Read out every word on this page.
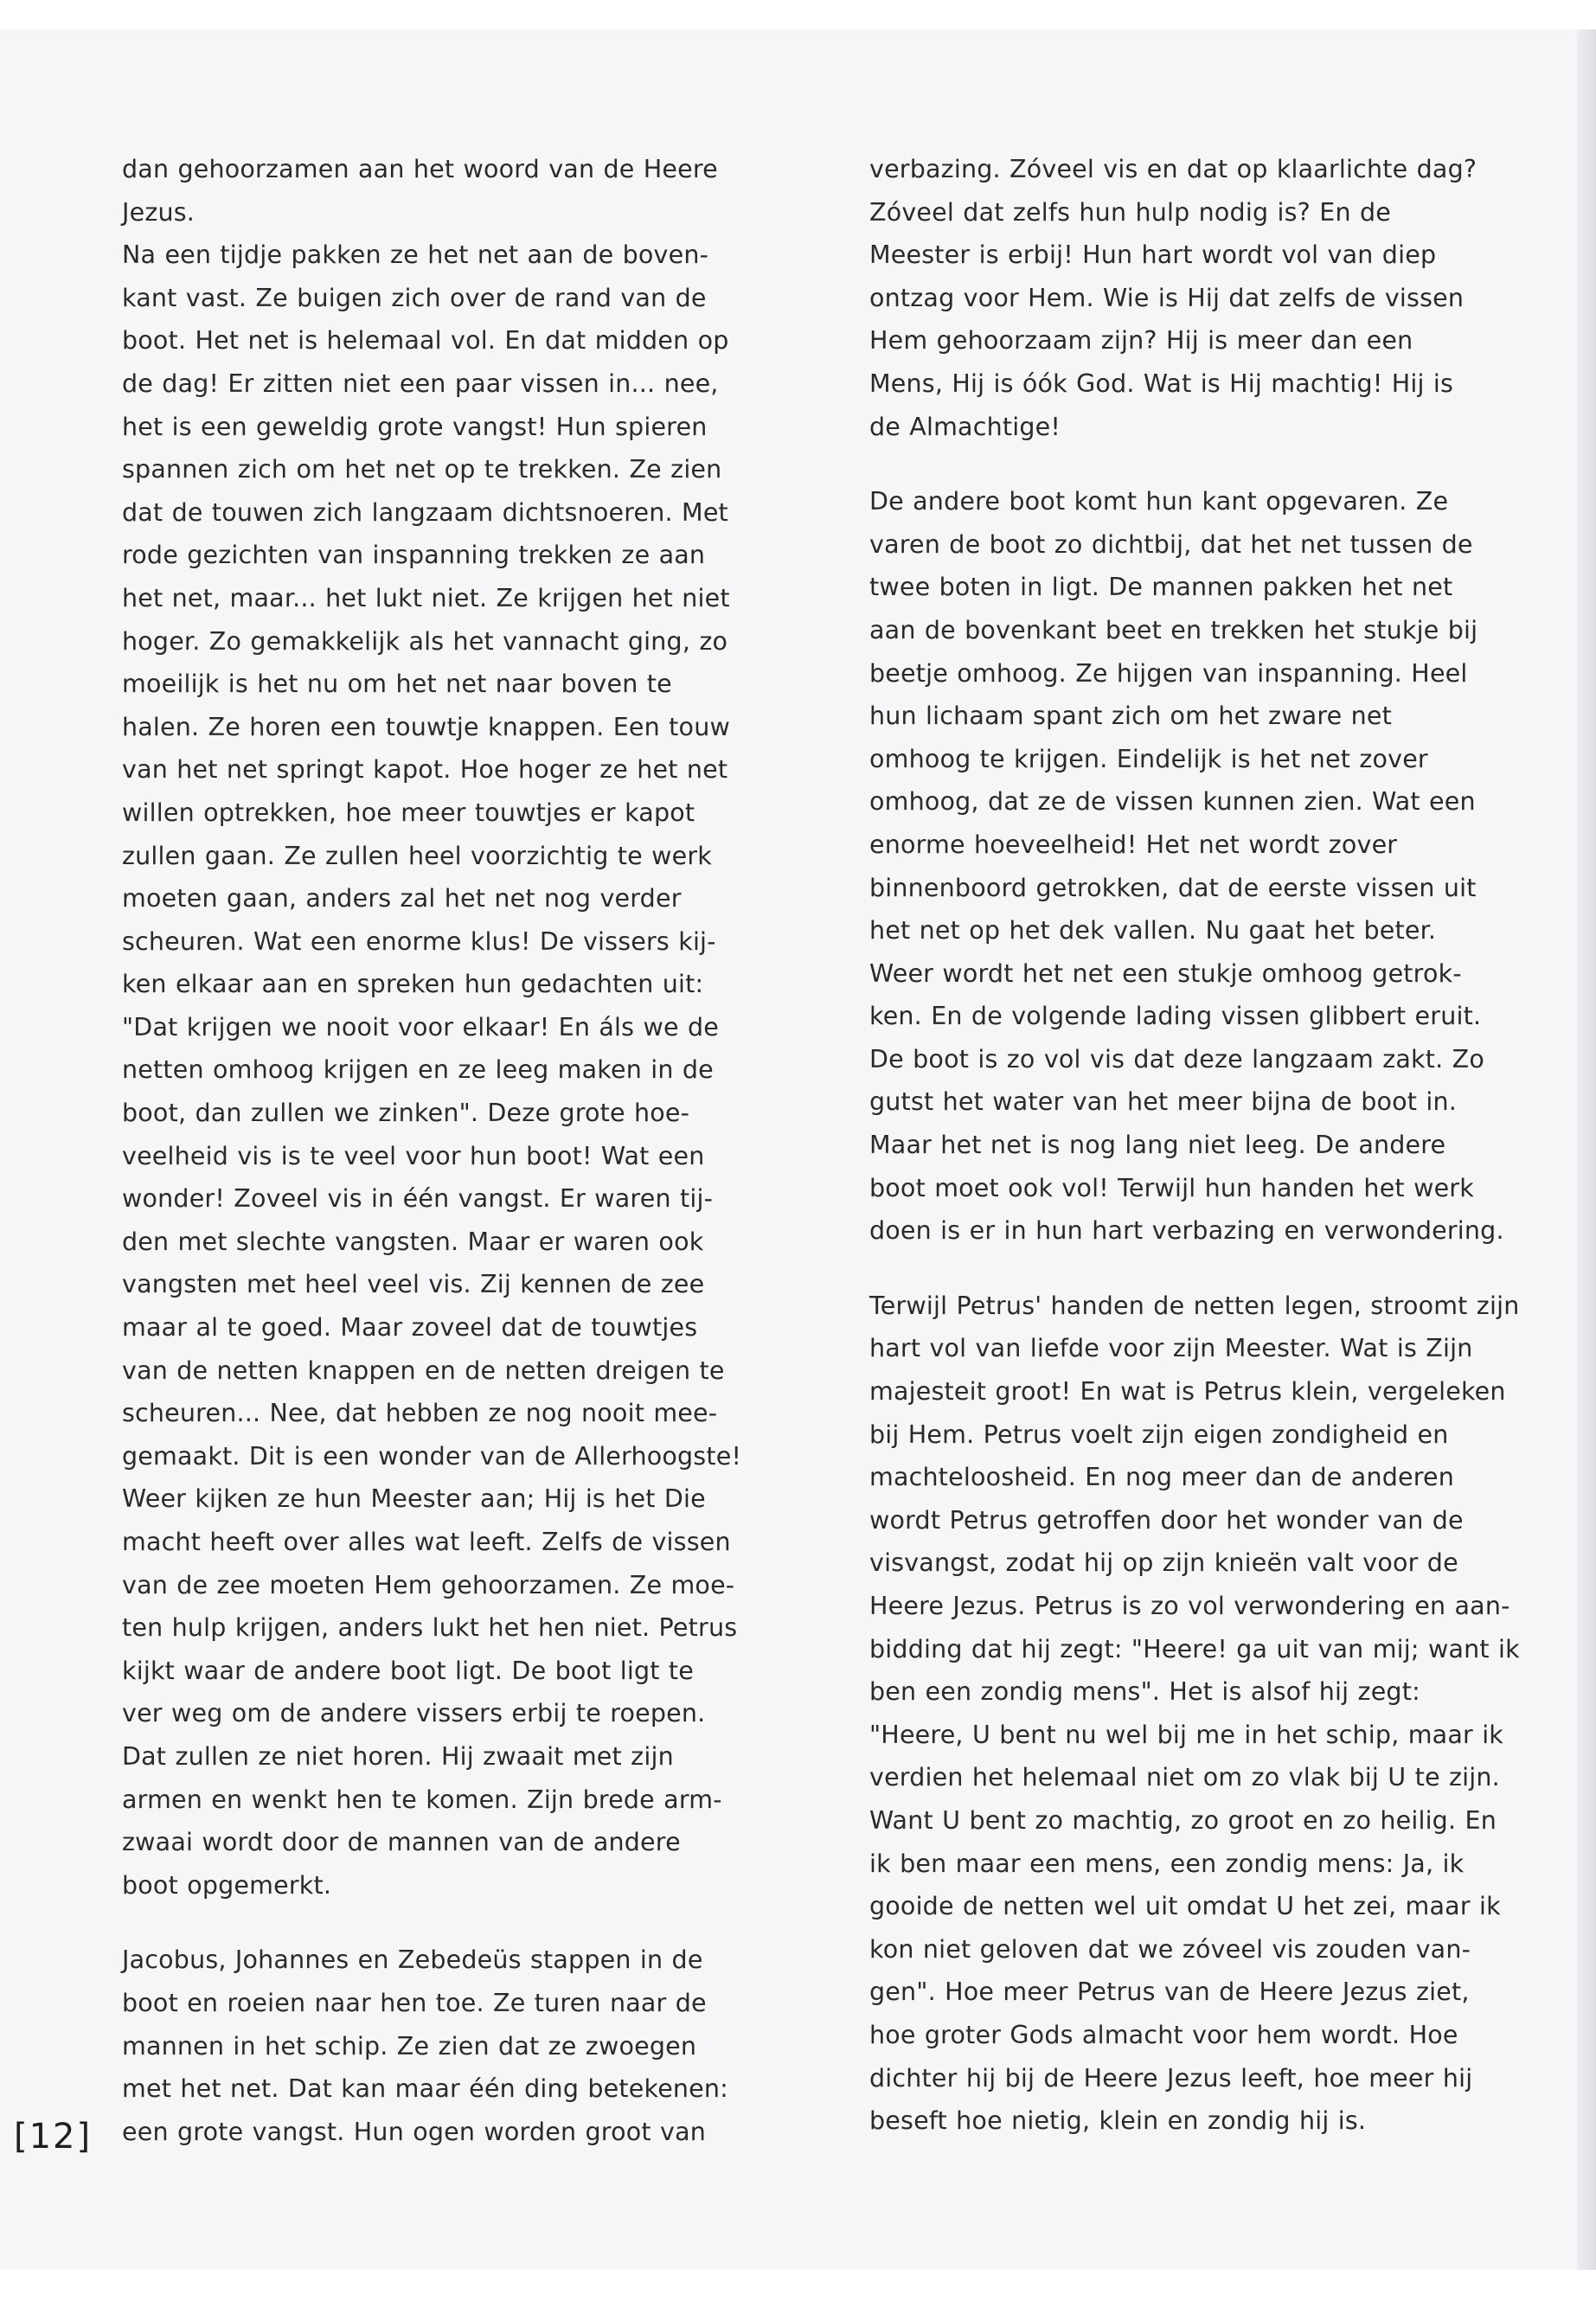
dan gehoorzamen aan het woord van de Heere
Jezus.
Na een tijdje pakken ze het net aan de boven-
kant vast. Ze buigen zich over de rand van de
boot. Het net is helemaal vol. En dat midden op
de dag! Er zitten niet een paar vissen in... nee,
het is een geweldig grote vangst! Hun spieren
spannen zich om het net op te trekken. Ze zien
dat de touwen zich langzaam dichtsnoeren. Met
rode gezichten van inspanning trekken ze aan
het net, maar... het lukt niet. Ze krijgen het niet
hoger. Zo gemakkelijk als het vannacht ging, zo
moeilijk is het nu om het net naar boven te
halen. Ze horen een touwtje knappen. Een touw
van het net springt kapot. Hoe hoger ze het net
willen optrekken, hoe meer touwtjes er kapot
zullen gaan. Ze zullen heel voorzichtig te werk
moeten gaan, anders zal het net nog verder
scheuren. Wat een enorme klus! De vissers kij-
ken elkaar aan en spreken hun gedachten uit:
"Dat krijgen we nooit voor elkaar! En áls we de
netten omhoog krijgen en ze leeg maken in de
boot, dan zullen we zinken". Deze grote hoe-
veelheid vis is te veel voor hun boot! Wat een
wonder! Zoveel vis in één vangst. Er waren tij-
den met slechte vangsten. Maar er waren ook
vangsten met heel veel vis. Zij kennen de zee
maar al te goed. Maar zoveel dat de touwtjes
van de netten knappen en de netten dreigen te
scheuren... Nee, dat hebben ze nog nooit mee-
gemaakt. Dit is een wonder van de Allerhoogste!
Weer kijken ze hun Meester aan; Hij is het Die
macht heeft over alles wat leeft. Zelfs de vissen
van de zee moeten Hem gehoorzamen. Ze moe-
ten hulp krijgen, anders lukt het hen niet. Petrus
kijkt waar de andere boot ligt. De boot ligt te
ver weg om de andere vissers erbij te roepen.
Dat zullen ze niet horen. Hij zwaait met zijn
armen en wenkt hen te komen. Zijn brede arm-
zwaai wordt door de mannen van de andere
boot opgemerkt.
Jacobus, Johannes en Zebedeüs stappen in de
boot en roeien naar hen toe. Ze turen naar de
mannen in het schip. Ze zien dat ze zwoegen
met het net. Dat kan maar één ding betekenen:
een grote vangst. Hun ogen worden groot van
verbazing. Zóveel vis en dat op klaarlichte dag?
Zóveel dat zelfs hun hulp nodig is? En de
Meester is erbij! Hun hart wordt vol van diep
ontzag voor Hem. Wie is Hij dat zelfs de vissen
Hem gehoorzaam zijn? Hij is meer dan een
Mens, Hij is óók God. Wat is Hij machtig! Hij is
de Almachtige!
De andere boot komt hun kant opgevaren. Ze
varen de boot zo dichtbij, dat het net tussen de
twee boten in ligt. De mannen pakken het net
aan de bovenkant beet en trekken het stukje bij
beetje omhoog. Ze hijgen van inspanning. Heel
hun lichaam spant zich om het zware net
omhoog te krijgen. Eindelijk is het net zover
omhoog, dat ze de vissen kunnen zien. Wat een
enorme hoeveelheid! Het net wordt zover
binnenboord getrokken, dat de eerste vissen uit
het net op het dek vallen. Nu gaat het beter.
Weer wordt het net een stukje omhoog getrok-
ken. En de volgende lading vissen glibbert eruit.
De boot is zo vol vis dat deze langzaam zakt. Zo
gutst het water van het meer bijna de boot in.
Maar het net is nog lang niet leeg. De andere
boot moet ook vol! Terwijl hun handen het werk
doen is er in hun hart verbazing en verwondering.
Terwijl Petrus' handen de netten legen, stroomt zijn
hart vol van liefde voor zijn Meester. Wat is Zijn
majesteit groot! En wat is Petrus klein, vergeleken
bij Hem. Petrus voelt zijn eigen zondigheid en
machteloosheid. En nog meer dan de anderen
wordt Petrus getroffen door het wonder van de
visvangst, zodat hij op zijn knieën valt voor de
Heere Jezus. Petrus is zo vol verwondering en aan-
bidding dat hij zegt: "Heere! ga uit van mij; want ik
ben een zondig mens". Het is alsof hij zegt:
"Heere, U bent nu wel bij me in het schip, maar ik
verdien het helemaal niet om zo vlak bij U te zijn.
Want U bent zo machtig, zo groot en zo heilig. En
ik ben maar een mens, een zondig mens: Ja, ik
gooide de netten wel uit omdat U het zei, maar ik
kon niet geloven dat we zóveel vis zouden van-
gen". Hoe meer Petrus van de Heere Jezus ziet,
hoe groter Gods almacht voor hem wordt. Hoe
dichter hij bij de Heere Jezus leeft, hoe meer hij
beseft hoe nietig, klein en zondig hij is.
[12]
